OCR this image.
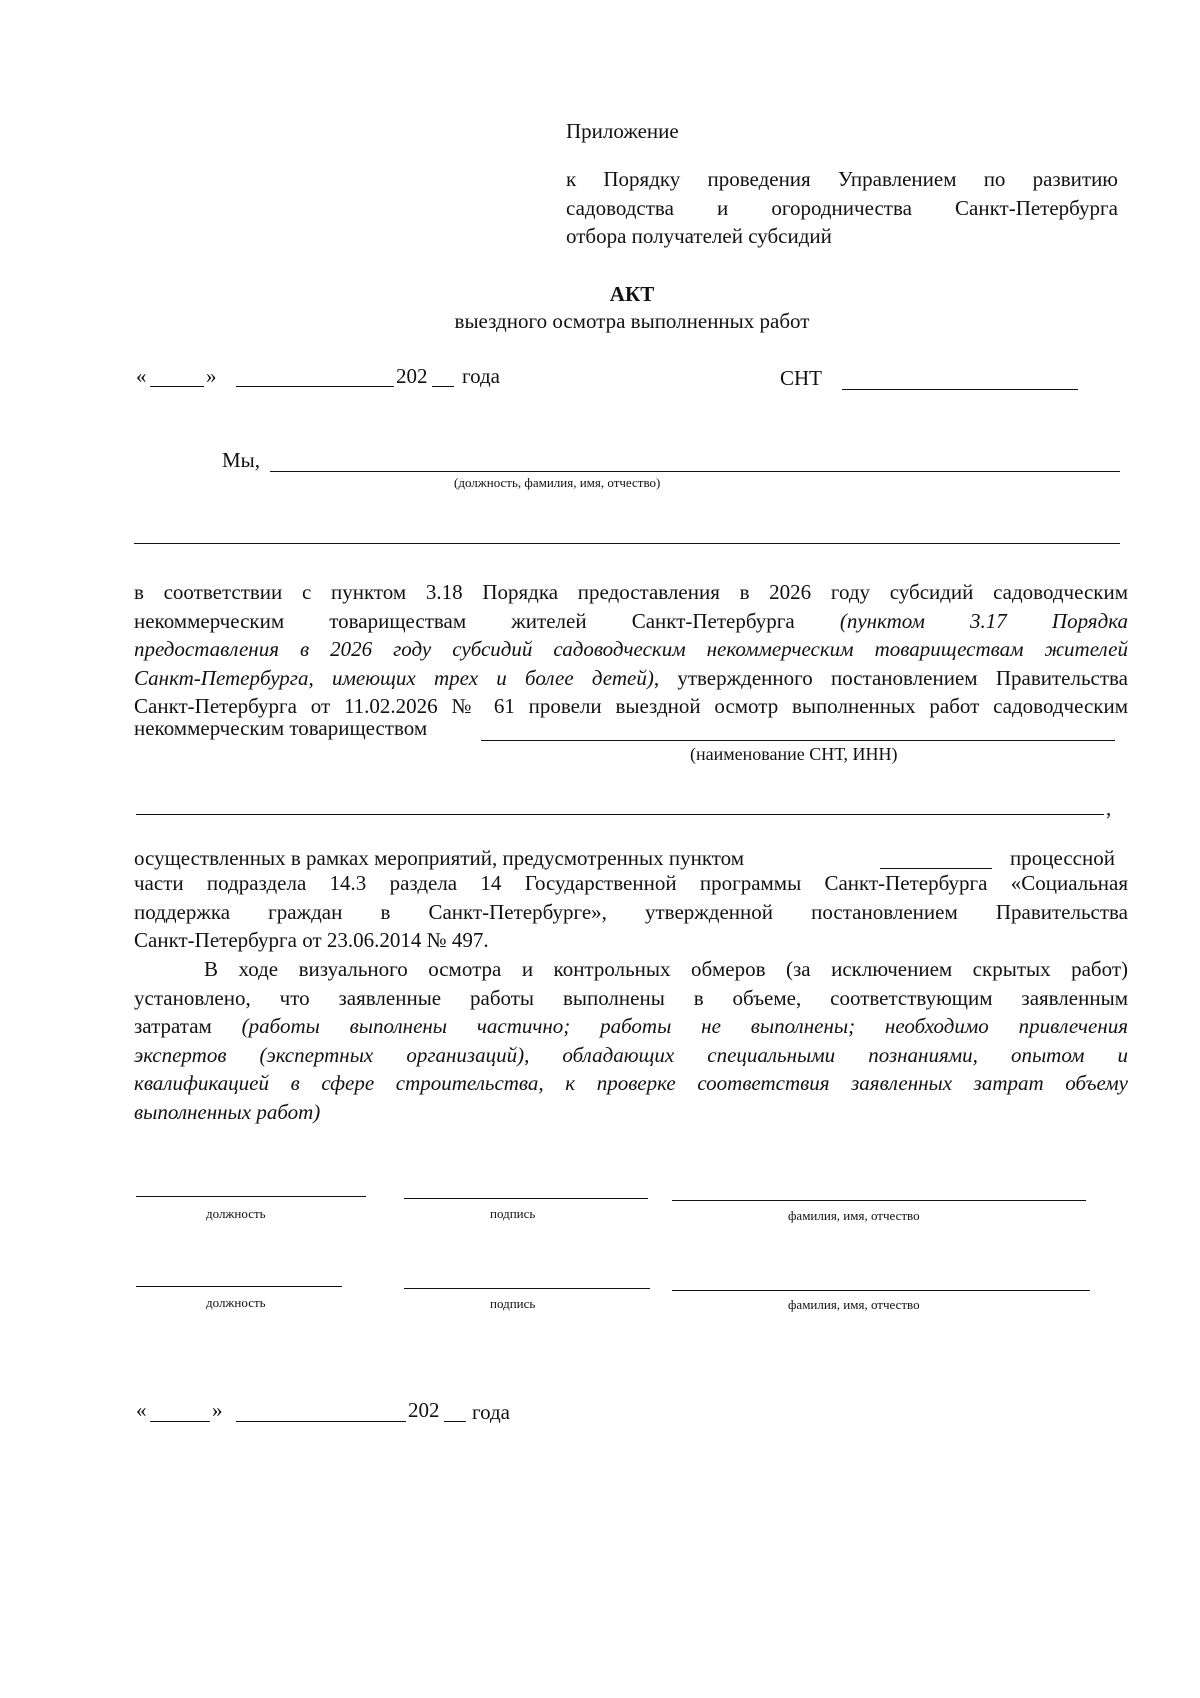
Приложение
к Порядку проведения Управлением по развитию
садоводства и огородничества Санкт-Петербурга
отбора получателей субсидий
АКТ
выездного осмотра выполненных работ
«	»	202 года	СНТ
Мы,
(должность, фамилия, имя, отчество)
в соответствии с пунктом 3.18 Порядка предоставления в 2026 году субсидий садоводческим
некоммерческим товариществам жителей Санкт-Петербурга (пунктом 3.17 Порядка
предоставления в 2026 году субсидий садоводческим некоммерческим товариществам жителей
Санкт-Петербурга, имеющих трех и более детей), утвержденного постановлением Правительства
Санкт-Петербурга от 11.02.2026 № 61 провели выездной осмотр выполненных работ садоводческим
некоммерческим товариществом
(наименование СНТ, ИНН)
,
осуществленных в рамках мероприятий, предусмотренных пунктом	процессной
части подраздела 14.3 раздела 14 Государственной программы Санкт-Петербурга «Социальная
поддержка граждан в Санкт-Петербурге», утвержденной постановлением Правительства
Санкт-Петербурга от 23.06.2014 № 497.
В ходе визуального осмотра и контрольных обмеров (за исключением скрытых работ)
установлено, что заявленные работы выполнены в объеме, соответствующим заявленным
затратам (работы выполнены частично; работы не выполнены; необходимо привлечения
экспертов (экспертных организаций), обладающих специальными познаниями, опытом и
квалификацией в сфере строительства, к проверке соответствия заявленных затрат объему
выполненных работ)
должность	подпись	фамилия, имя, отчество
должность	подпись	фамилия, имя, отчество
«	»	202 года
